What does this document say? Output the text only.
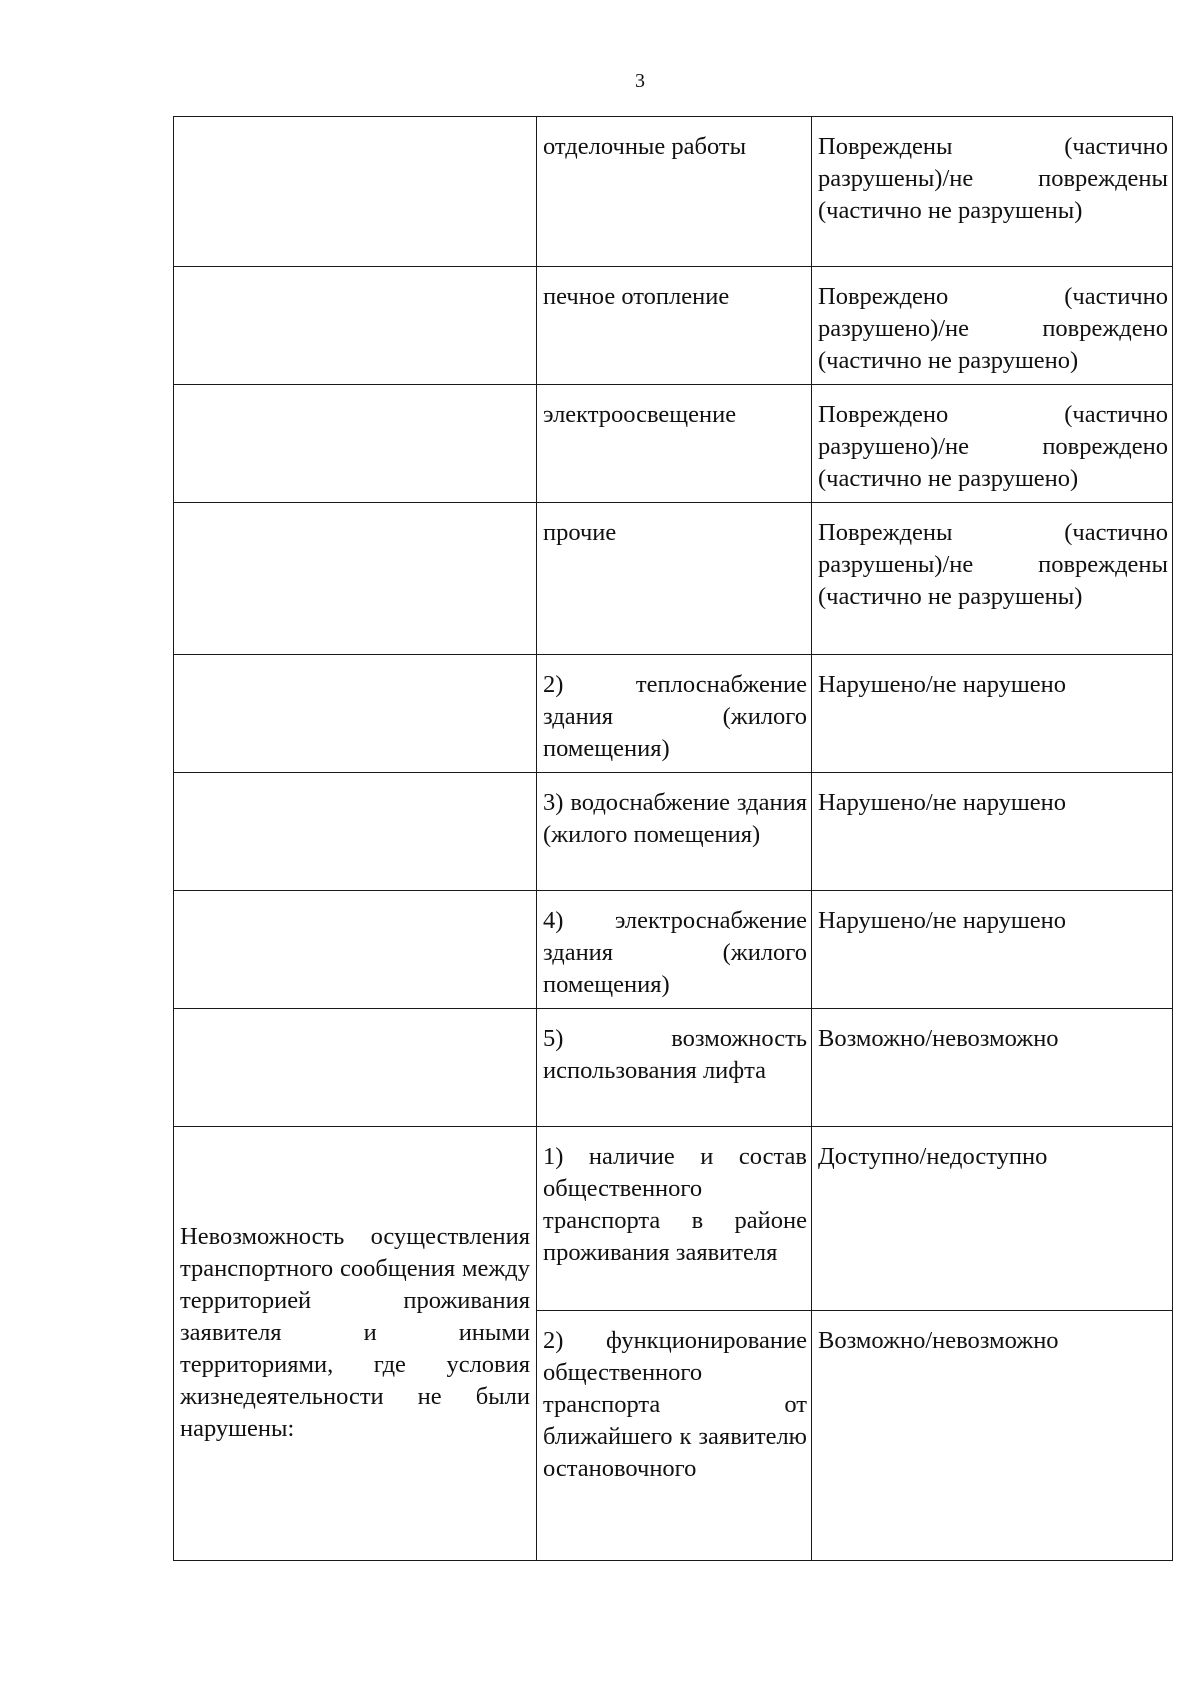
3
	отделочные работы	Повреждены (частично разрушены)/не повреждены (частично не разрушены)
	печное отопление	Повреждено (частично разрушено)/не повреждено (частично не разрушено)
	электроосвещение	Повреждено (частично разрушено)/не повреждено (частично не разрушено)
	прочие	Повреждены (частично разрушены)/не повреждены (частично не разрушены)
	2) теплоснабжение здания (жилого помещения)	Нарушено/не нарушено
	3) водоснабжение здания (жилого помещения)	Нарушено/не нарушено
	4) электроснабжение здания (жилого помещения)	Нарушено/не нарушено
	5) возможность использования лифта	Возможно/невозможно

Невозможность осуществления транспортного сообщения между территорией проживания заявителя и иными территориями, где условия жизнедеятельности не были нарушены:	1) наличие и состав общественного транспорта в районе проживания заявителя	Доступно/недоступно
	2) функционирование общественного транспорта от ближайшего к заявителю остановочного	Возможно/невозможно
